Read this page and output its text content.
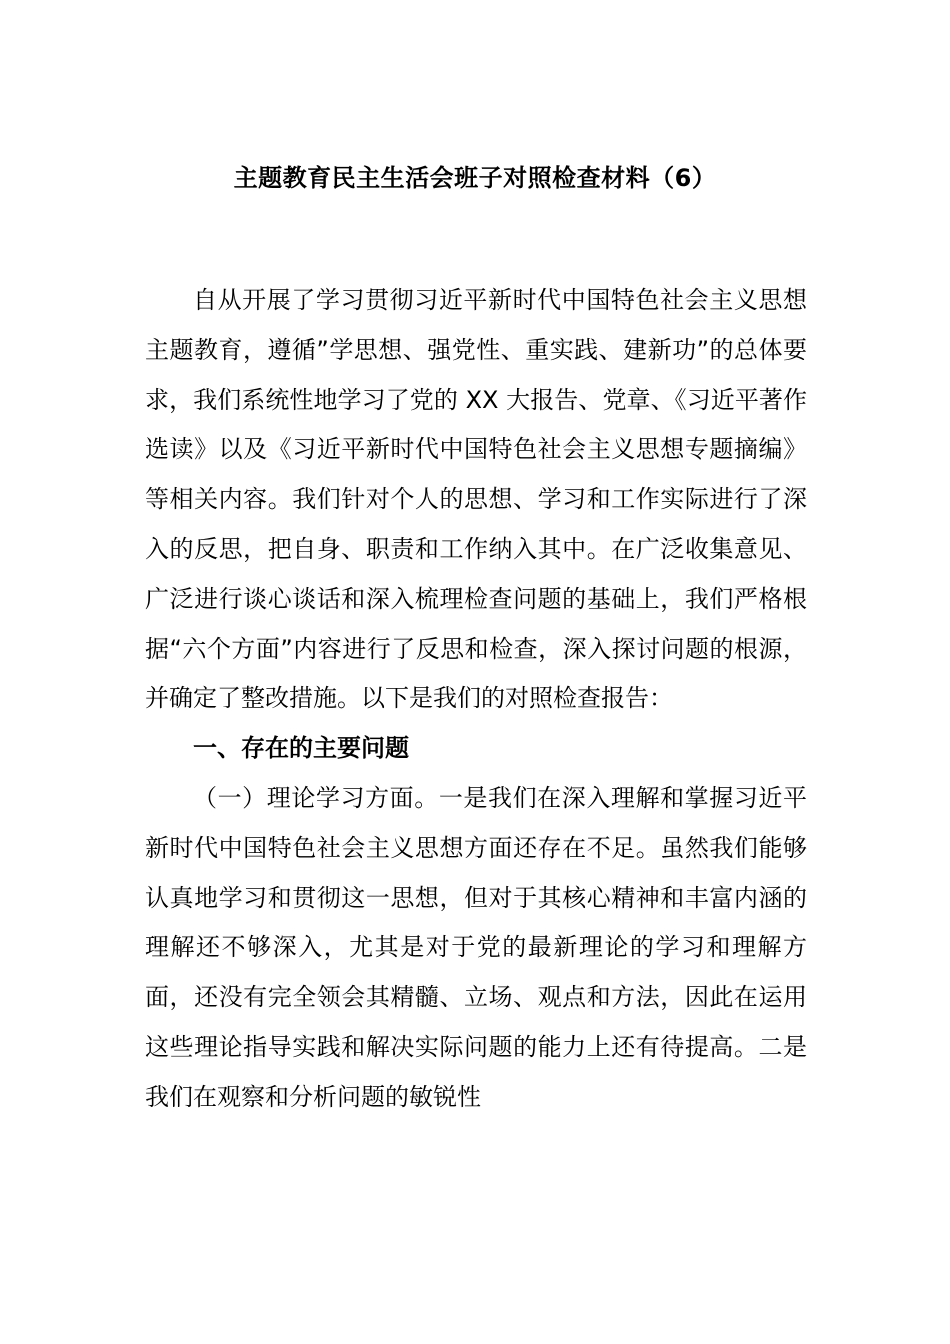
主题教育民主生活会班子对照检查材料（6）

自从开展了学习贯彻习近平新时代中国特色社会主义思想主题教育，遵循”学思想、强党性、重实践、建新功”的总体要求，我们系统性地学习了党的 XX 大报告、党章、《习近平著作选读》以及《习近平新时代中国特色社会主义思想专题摘编》等相关内容。我们针对个人的思想、学习和工作实际进行了深入的反思，把自身、职责和工作纳入其中。在广泛收集意见、广泛进行谈心谈话和深入梳理检查问题的基础上，我们严格根据“六个方面”内容进行了反思和检查，深入探讨问题的根源，并确定了整改措施。以下是我们的对照检查报告：

一、存在的主要问题

（一）理论学习方面。一是我们在深入理解和掌握习近平新时代中国特色社会主义思想方面还存在不足。虽然我们能够认真地学习和贯彻这一思想，但对于其核心精神和丰富内涵的理解还不够深入，尤其是对于党的最新理论的学习和理解方面，还没有完全领会其精髓、立场、观点和方法，因此在运用这些理论指导实践和解决实际问题的能力上还有待提高。二是我们在观察和分析问题的敏锐性
